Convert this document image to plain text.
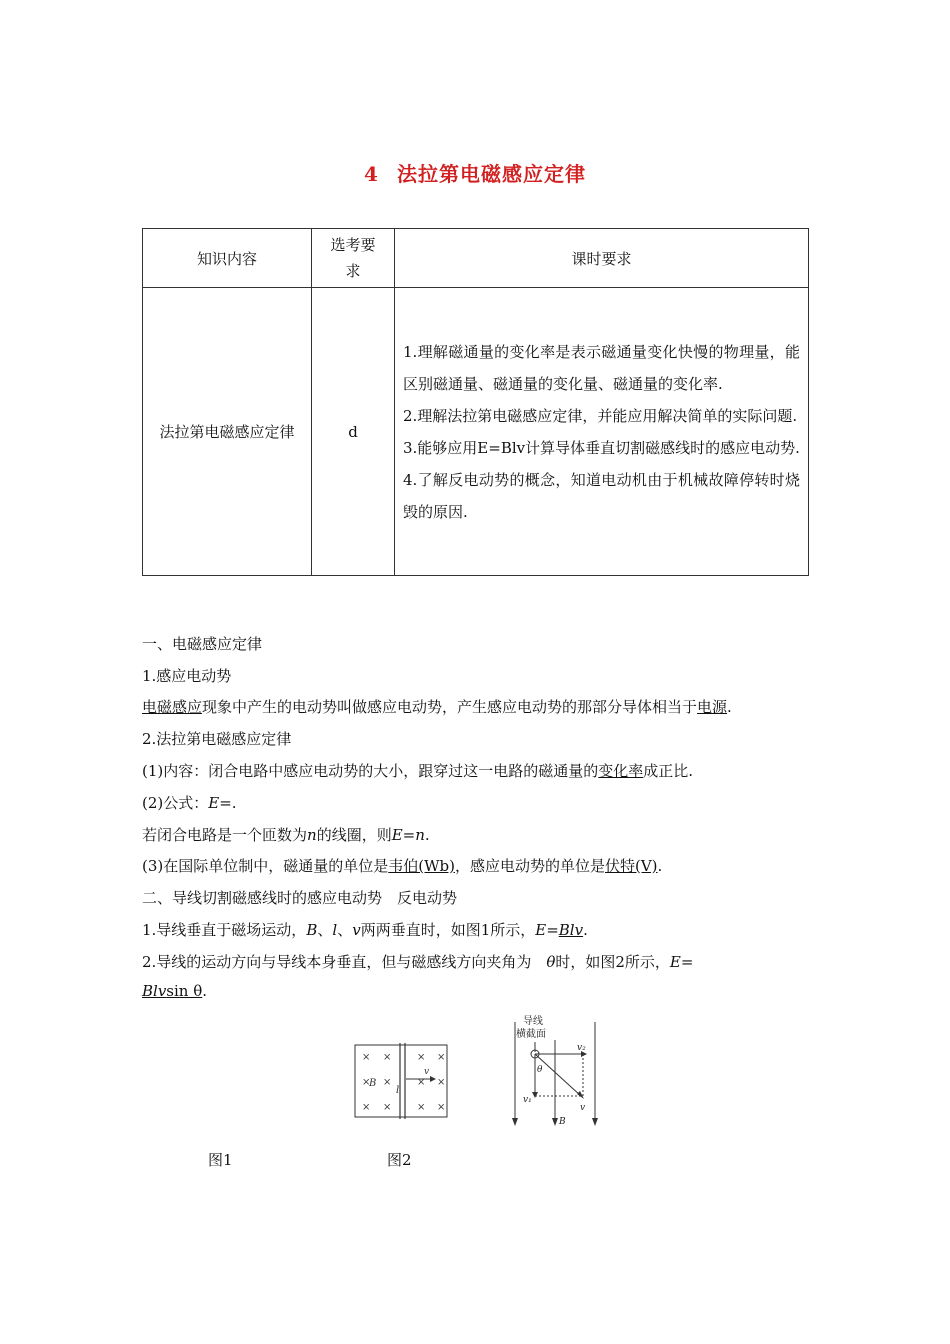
4 法拉第电磁感应定律
知识内容	选考要求	课时要求
法拉第电磁感应定律	d	1.理解磁通量的变化率是表示磁通量变化快慢的物理量，能区别磁通量、磁通量的变化量、磁通量的变化率.
2.理解法拉第电磁感应定律，并能应用解决简单的实际问题.
3.能够应用E=Blv计算导体垂直切割磁感线时的感应电动势.
4.了解反电动势的概念，知道电动机由于机械故障停转时烧毁的原因.
一、电磁感应定律
1.感应电动势
电磁感应现象中产生的电动势叫做感应电动势，产生感应电动势的那部分导体相当于电源.
2.法拉第电磁感应定律
(1)内容：闭合电路中感应电动势的大小，跟穿过这一电路的磁通量的变化率成正比.
(2)公式：E=.
若闭合电路是一个匝数为n的线圈，则E=n.
(3)在国际单位制中，磁通量的单位是韦伯(Wb)，感应电动势的单位是伏特(V).
二、导线切割磁感线时的感应电动势　反电动势
1.导线垂直于磁场运动，B、l、v两两垂直时，如图1所示，E=Blv.
2.导线的运动方向与导线本身垂直，但与磁感线方向夹角为　θ时，如图2所示，E=
Blvsin θ.
× ×	× ×
× ×	× ×
× ×	× ×
B
l
v
导线
横截面
θ
v₂
v₁
v
B
图1	图2
